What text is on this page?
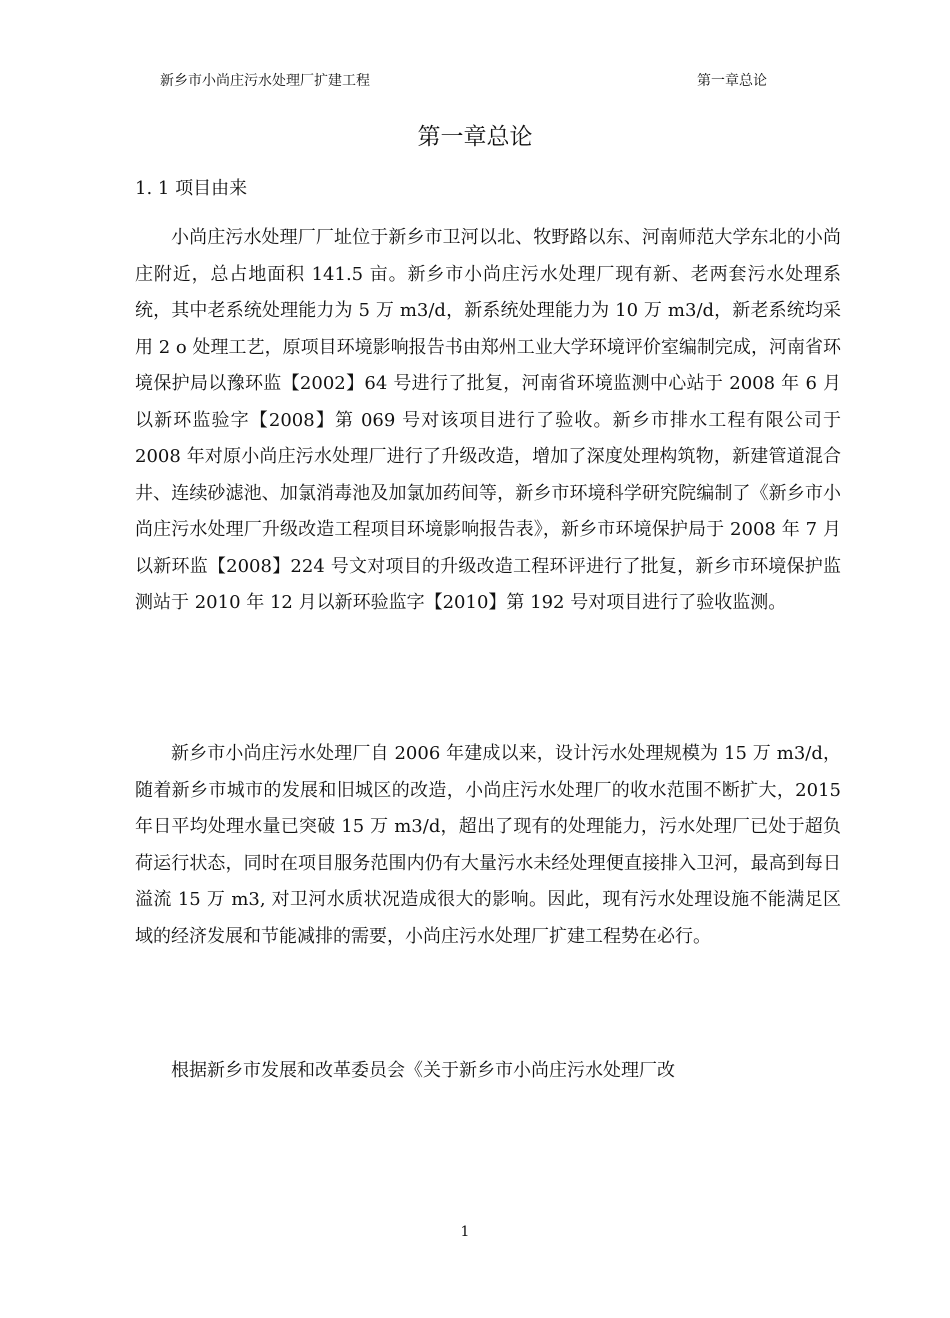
新乡市小尚庄污水处理厂扩建工程	第一章总论
第一章总论
1. 1 项目由来

小尚庄污水处理厂厂址位于新乡市卫河以北、牧野路以东、河南师范大学东北的小尚庄附近，总占地面积 141.5 亩。新乡市小尚庄污水处理厂现有新、老两套污水处理系统，其中老系统处理能力为 5 万 m3/d，新系统处理能力为 10 万 m3/d，新老系统均采用 2 o 处理工艺，原项目环境影响报告书由郑州工业大学环境评价室编制完成，河南省环境保护局以豫环监【2002】64 号进行了批复，河南省环境监测中心站于 2008 年 6 月以新环监验字【2008】第 069 号对该项目进行了验收。新乡市排水工程有限公司于 2008 年对原小尚庄污水处理厂进行了升级改造，增加了深度处理构筑物，新建管道混合井、连续砂滤池、加氯消毒池及加氯加药间等，新乡市环境科学研究院编制了《新乡市小尚庄污水处理厂升级改造工程项目环境影响报告表》，新乡市环境保护局于 2008 年 7 月以新环监【2008】224 号文对项目的升级改造工程环评进行了批复，新乡市环境保护监测站于 2010 年 12 月以新环验监字【2010】第 192 号对项目进行了验收监测。

新乡市小尚庄污水处理厂自 2006 年建成以来，设计污水处理规模为 15 万 m3/d，随着新乡市城市的发展和旧城区的改造，小尚庄污水处理厂的收水范围不断扩大，2015 年日平均处理水量已突破 15 万 m3/d，超出了现有的处理能力，污水处理厂已处于超负荷运行状态，同时在项目服务范围内仍有大量污水未经处理便直接排入卫河，最高到每日溢流 15 万 m3, 对卫河水质状况造成很大的影响。因此，现有污水处理设施不能满足区域的经济发展和节能减排的需要，小尚庄污水处理厂扩建工程势在必行。

根据新乡市发展和改革委员会《关于新乡市小尚庄污水处理厂改

1
